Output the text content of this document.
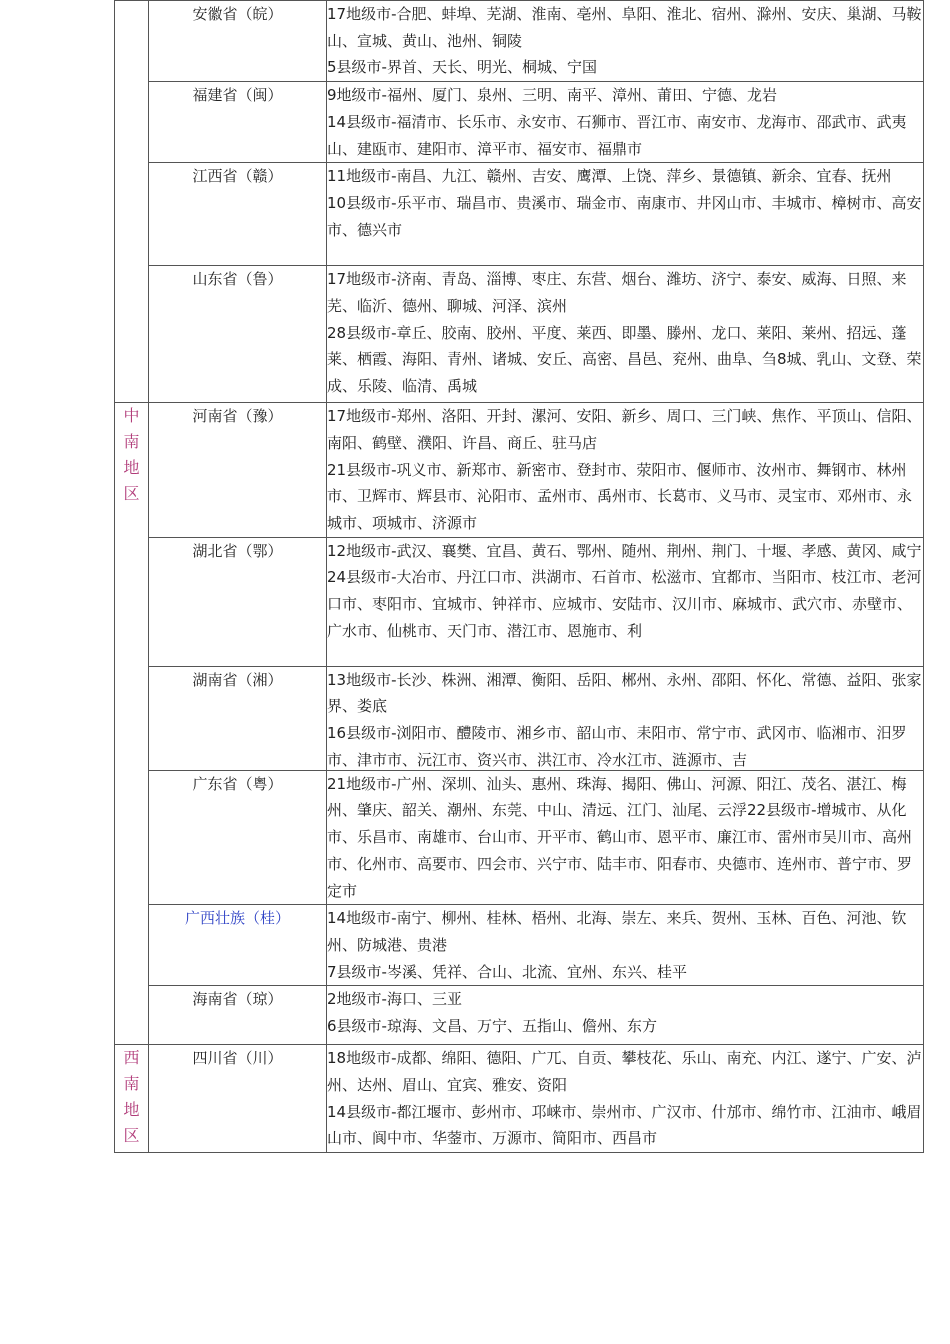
	安徽省（皖）	17地级市-合肥、蚌埠、芜湖、淮南、亳州、阜阳、淮北、宿州、滁州、安庆、巢湖、马鞍山、宣城、黄山、池州、铜陵

5县级市-界首、天长、明光、桐城、宁国

	福建省（闽）	9地级市-福州、厦门、泉州、三明、南平、漳州、莆田、宁德、龙岩

14县级市-福清市、长乐市、永安市、石狮市、晋江市、南安市、龙海市、邵武市、武夷山、建瓯市、建阳市、漳平市、福安市、福鼎市

	江西省（赣）	11地级市-南昌、九江、赣州、吉安、鹰潭、上饶、萍乡、景德镇、新余、宜春、抚州

10县级市-乐平市、瑞昌市、贵溪市、瑞金市、南康市、井冈山市、丰城市、樟树市、高安市、德兴市

	山东省（鲁）	17地级市-济南、青岛、淄博、枣庄、东营、烟台、潍坊、济宁、泰安、威海、日照、来芜、临沂、德州、聊城、河泽、滨州

28县级市-章丘、胶南、胶州、平度、莱西、即墨、滕州、龙口、莱阳、莱州、招远、蓬莱、栖霞、海阳、青州、诸城、安丘、高密、昌邑、兖州、曲阜、刍8城、乳山、文登、荣成、乐陵、临清、禹城

中南地区	河南省（豫）	17地级市-郑州、洛阳、开封、漯河、安阳、新乡、周口、三门峡、焦作、平顶山、信阳、南阳、鹤壁、濮阳、许昌、商丘、驻马店

21县级市-巩义市、新郑市、新密市、登封市、荥阳市、偃师市、汝州市、舞钢市、林州市、卫辉市、辉县市、沁阳市、孟州市、禹州市、长葛市、义马市、灵宝市、邓州市、永城市、项城市、济源市

	湖北省（鄂）	12地级市-武汉、襄樊、宜昌、黄石、鄂州、随州、荆州、荆门、十堰、孝感、黄冈、咸宁

24县级市-大冶市、丹江口市、洪湖市、石首市、松滋市、宜都市、当阳市、枝江市、老河口市、枣阳市、宜城市、钟祥市、应城市、安陆市、汉川市、麻城市、武穴市、赤壁市、广水市、仙桃市、天门市、潜江市、恩施市、利

	湖南省（湘）	13地级市-长沙、株洲、湘潭、衡阳、岳阳、郴州、永州、邵阳、怀化、常德、益阳、张家界、娄底

16县级市-浏阳市、醴陵市、湘乡市、韶山市、耒阳市、常宁市、武冈市、临湘市、汨罗市、津市市、沅江市、资兴市、洪江市、冷水江市、涟源市、吉

	广东省（粤）	21地级市-广州、深圳、汕头、惠州、珠海、揭阳、佛山、河源、阳江、茂名、湛江、梅州、肇庆、韶关、潮州、东莞、中山、清远、江门、汕尾、云浮22县级市-增城市、从化市、乐昌市、南雄市、台山市、开平市、鹤山市、恩平市、廉江市、雷州市吴川市、高州市、化州市、高要市、四会市、兴宁市、陆丰市、阳春市、央德市、连州市、普宁市、罗定市

	广西壮族（桂）	14地级市-南宁、柳州、桂林、梧州、北海、崇左、来兵、贺州、玉林、百色、河池、钦州、防城港、贵港

7县级市-岑溪、凭祥、合山、北流、宜州、东兴、桂平

	海南省（琼）	2地级市-海口、三亚

6县级市-琼海、文昌、万宁、五指山、儋州、东方

西南地区	四川省（川）	18地级市-成都、绵阳、德阳、广兀、自贡、攀枝花、乐山、南充、内江、遂宁、广安、泸州、达州、眉山、宜宾、雅安、资阳

14县级市-都江堰市、彭州市、邛崃市、崇州市、广汉市、什邡市、绵竹市、江油市、峨眉山市、阆中市、华蓥市、万源市、简阳市、西昌市
